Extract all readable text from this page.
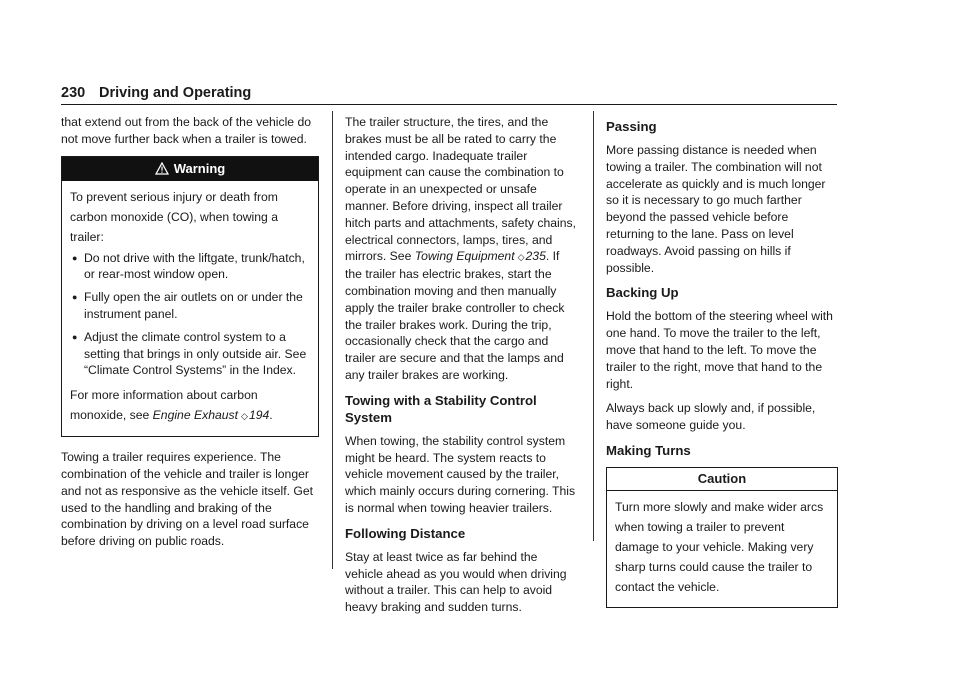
230 Driving and Operating

that extend out from the back of the vehicle do not move further back when a trailer is towed.

Warning

To prevent serious injury or death from carbon monoxide (CO), when towing a trailer:

● Do not drive with the liftgate, trunk/hatch, or rear-most window open.
● Fully open the air outlets on or under the instrument panel.
● Adjust the climate control system to a setting that brings in only outside air. See “Climate Control Systems” in the Index.

For more information about carbon monoxide, see Engine Exhaust ◇194.

Towing a trailer requires experience. The combination of the vehicle and trailer is longer and not as responsive as the vehicle itself. Get used to the handling and braking of the combination by driving on a level road surface before driving on public roads.

The trailer structure, the tires, and the brakes must be all be rated to carry the intended cargo. Inadequate trailer equipment can cause the combination to operate in an unexpected or unsafe manner. Before driving, inspect all trailer hitch parts and attachments, safety chains, electrical connectors, lamps, tires, and mirrors. See Towing Equipment ◇235. If the trailer has electric brakes, start the combination moving and then manually apply the trailer brake controller to check the trailer brakes work. During the trip, occasionally check that the cargo and trailer are secure and that the lamps and any trailer brakes are working.

Towing with a Stability Control System

When towing, the stability control system might be heard. The system reacts to vehicle movement caused by the trailer, which mainly occurs during cornering. This is normal when towing heavier trailers.

Following Distance

Stay at least twice as far behind the vehicle ahead as you would when driving without a trailer. This can help to avoid heavy braking and sudden turns.

Passing

More passing distance is needed when towing a trailer. The combination will not accelerate as quickly and is much longer so it is necessary to go much farther beyond the passed vehicle before returning to the lane. Pass on level roadways. Avoid passing on hills if possible.

Backing Up

Hold the bottom of the steering wheel with one hand. To move the trailer to the left, move that hand to the left. To move the trailer to the right, move that hand to the right.

Always back up slowly and, if possible, have someone guide you.

Making Turns
Caution

Turn more slowly and make wider arcs when towing a trailer to prevent damage to your vehicle. Making very sharp turns could cause the trailer to contact the vehicle.
